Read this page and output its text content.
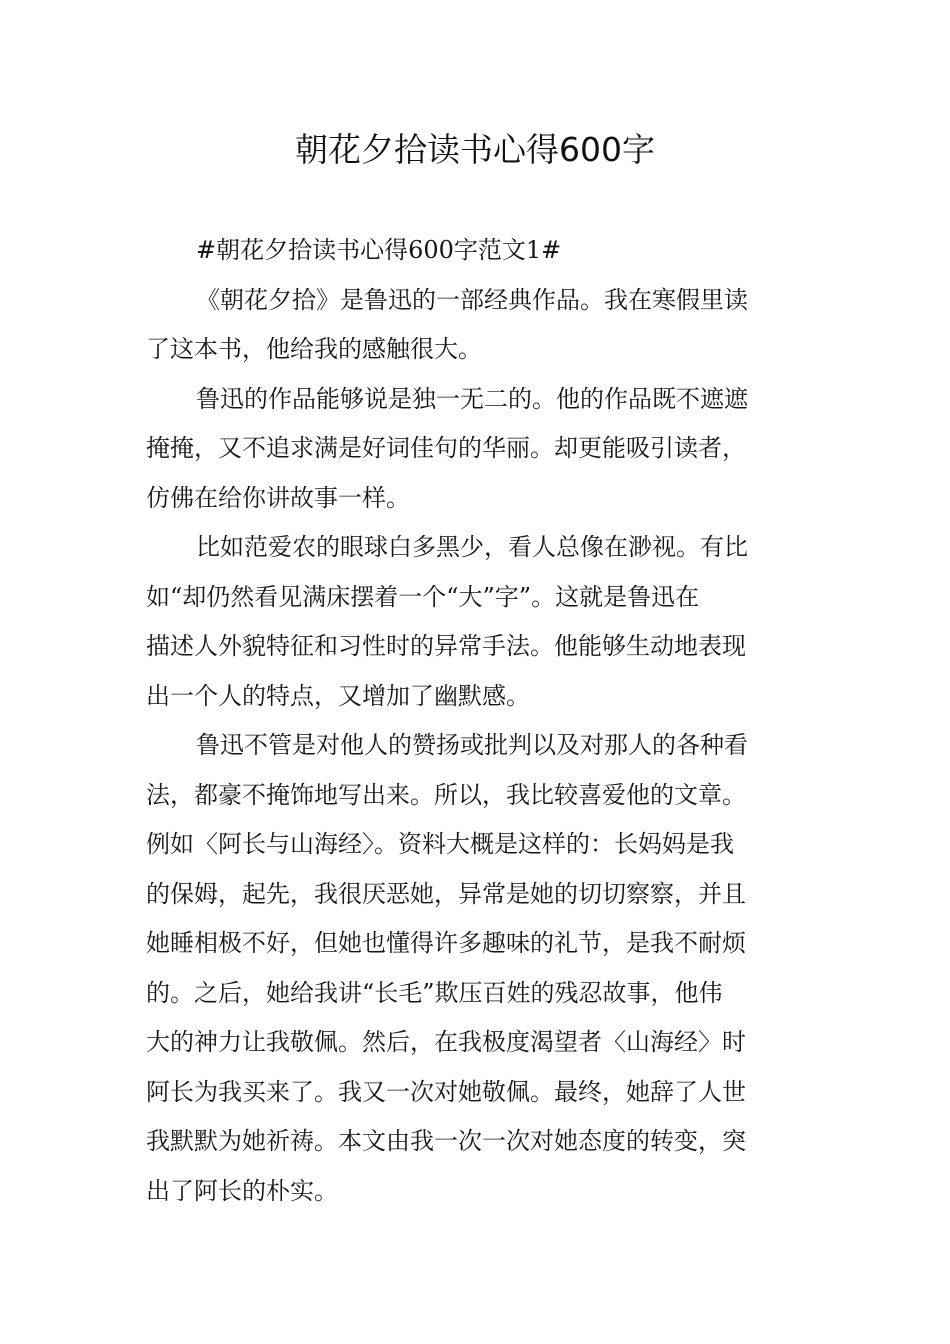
朝花夕拾读书心得600字
#朝花夕拾读书心得600字范文1#
《朝花夕拾》是鲁迅的一部经典作品。我在寒假里读
了这本书，他给我的感触很大。
鲁迅的作品能够说是独一无二的。他的作品既不遮遮
掩掩，又不追求满是好词佳句的华丽。却更能吸引读者，
仿佛在给你讲故事一样。
比如范爱农的眼球白多黑少，看人总像在渺视。有比
如“却仍然看见满床摆着一个“大”字”。这就是鲁迅在
描述人外貌特征和习性时的异常手法。他能够生动地表现
出一个人的特点，又增加了幽默感。
鲁迅不管是对他人的赞扬或批判以及对那人的各种看
法，都豪不掩饰地写出来。所以，我比较喜爱他的文章。
例如〈阿长与山海经〉。资料大概是这样的：长妈妈是我
的保姆，起先，我很厌恶她，异常是她的切切察察，并且
她睡相极不好，但她也懂得许多趣味的礼节，是我不耐烦
的。之后，她给我讲“长毛”欺压百姓的残忍故事，他伟
大的神力让我敬佩。然后，在我极度渴望者〈山海经〉时
阿长为我买来了。我又一次对她敬佩。最终，她辞了人世
我默默为她祈祷。本文由我一次一次对她态度的转变，突
出了阿长的朴实。
